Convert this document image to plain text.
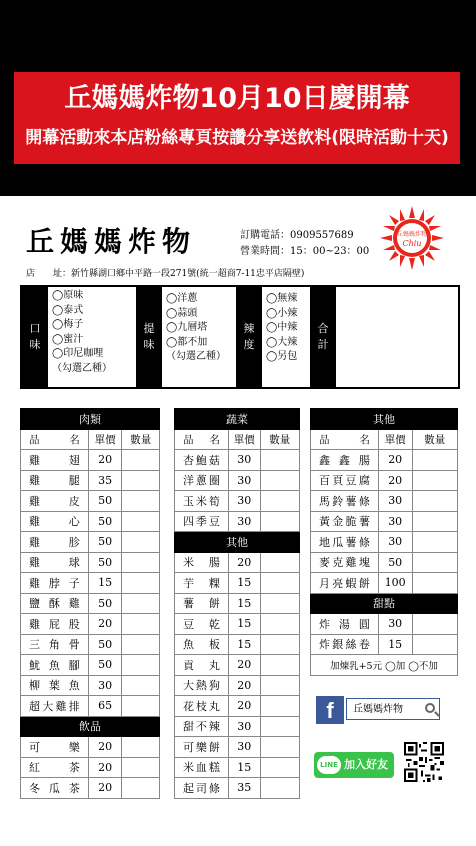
丘媽媽炸物10月10日慶開幕
開幕活動來本店粉絲專頁按讚分享送飲料(限時活動十天)
丘媽媽炸物	訂購電話：0909557689
營業時間：15：00~23：00
丘媽媽炸物
Chiu
店　　址：新竹縣湖口鄉中平路一段271號(統一超商7-11忠平店隔壁)
口
味
◯原味
◯泰式
◯梅子
◯蜜汁
◯印尼咖哩
（勾選乙種）
提
味
◯洋蔥
◯蒜頭
◯九層塔
◯都不加
（勾選乙種）
辣
度
◯無辣
◯小辣
◯中辣
◯大辣
◯另包
合
計
肉類		
品　名	單價	數量
雞翅	20	
雞腿	35	
雞皮	50	
雞心	50	
雞胗	50	
雞球	50	
雞脖子	15	
鹽酥雞	50	
雞屁股	20	
三角骨	50	
魷魚腳	50	
柳葉魚	30	
超大雞排	65	
飲品		
可樂	20	
紅茶	20	
冬瓜茶	20	
蔬菜		
品　名	單價	數量
杏鮑菇	30	
洋蔥圈	30	
玉米筍	30	
四季豆	30	
其他		
米腸	20	
芋粿	15	
薯餅	15	
豆乾	15	
魚板	15	
貢丸	20	
大熱狗	20	
花枝丸	20	
甜不辣	30	
可樂餅	30	
米血糕	15	
起司條	35	
其他		
品　名	單價	數量
鑫鑫腸	20	
百頁豆腐	20	
馬鈴薯條	30	
黃金脆薯	30	
地瓜薯條	30	
麥克雞塊	50	
月亮蝦餅	100	
甜點		
炸湯圓	30	
炸銀絲卷	15	
加煉乳+5元 ◯加 ◯不加		
f	丘媽媽炸物
LINE 加入好友
